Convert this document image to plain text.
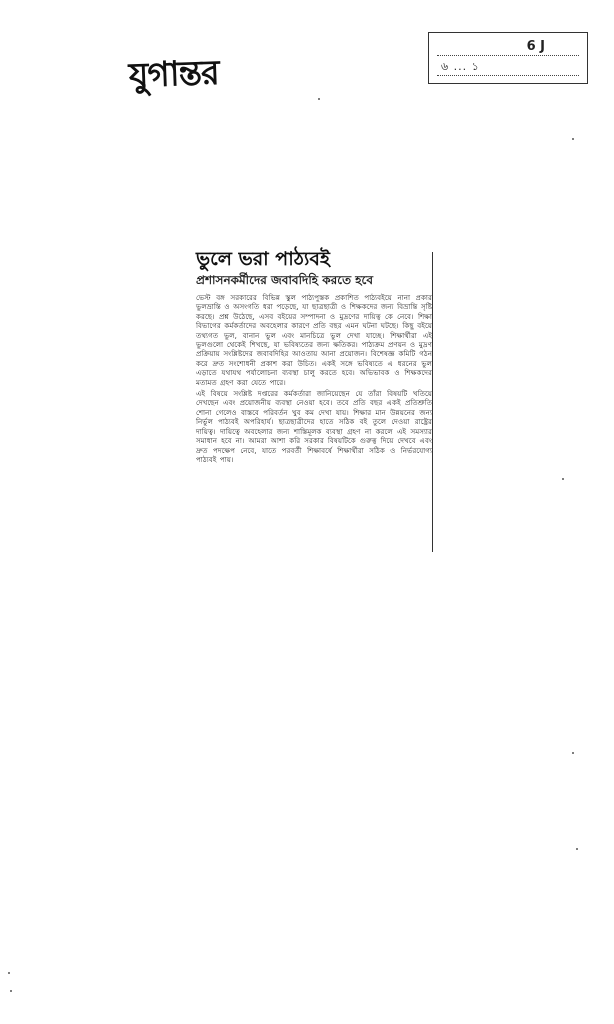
যুগান্তর
6 J
৬ ... ১
ভুলে ভরা পাঠ্যবই
প্রশাসনকর্মীদের জবাবদিহি করতে হবে

ভেস্ট বঙ্গ সরকারের বিভিন্ন স্কুল পাঠ্যপুস্তক প্রকাশিত পাঠ্যবইয়ে নানা প্রকার ভুলভ্রান্তি ও অসংগতি ধরা পড়েছে, যা ছাত্রছাত্রী ও শিক্ষকদের জন্য বিভ্রান্তি সৃষ্টি করছে। প্রশ্ন উঠেছে, এসব বইয়ের সম্পাদনা ও মুদ্রণের দায়িত্ব কে নেবে। শিক্ষা বিভাগের কর্মকর্তাদের অবহেলার কারণে প্রতি বছর এমন ঘটনা ঘটছে। কিছু বইয়ে তথ্যগত ভুল, বানান ভুল এবং মানচিত্রে ভুল দেখা যাচ্ছে। শিক্ষার্থীরা এই ভুলগুলো থেকেই শিখছে, যা ভবিষ্যতের জন্য ক্ষতিকর। পাঠ্যক্রম প্রণয়ন ও মুদ্রণ প্রক্রিয়ায় সংশ্লিষ্টদের জবাবদিহির আওতায় আনা প্রয়োজন। বিশেষজ্ঞ কমিটি গঠন করে দ্রুত সংশোধনী প্রকাশ করা উচিত। একই সঙ্গে ভবিষ্যতে এ ধরনের ভুল এড়াতে যথাযথ পর্যালোচনা ব্যবস্থা চালু করতে হবে। অভিভাবক ও শিক্ষকদের মতামত গ্রহণ করা যেতে পারে।

এই বিষয়ে সংশ্লিষ্ট দপ্তরের কর্মকর্তারা জানিয়েছেন যে তাঁরা বিষয়টি খতিয়ে দেখছেন এবং প্রয়োজনীয় ব্যবস্থা নেওয়া হবে। তবে প্রতি বছর একই প্রতিশ্রুতি শোনা গেলেও বাস্তবে পরিবর্তন খুব কম দেখা যায়। শিক্ষার মান উন্নয়নের জন্য নির্ভুল পাঠ্যবই অপরিহার্য। ছাত্রছাত্রীদের হাতে সঠিক বই তুলে দেওয়া রাষ্ট্রের দায়িত্ব। দায়িত্বে অবহেলার জন্য শাস্তিমূলক ব্যবস্থা গ্রহণ না করলে এই সমস্যার সমাধান হবে না। আমরা আশা করি সরকার বিষয়টিকে গুরুত্ব দিয়ে দেখবে এবং দ্রুত পদক্ষেপ নেবে, যাতে পরবর্তী শিক্ষাবর্ষে শিক্ষার্থীরা সঠিক ও নির্ভরযোগ্য পাঠ্যবই পায়।
